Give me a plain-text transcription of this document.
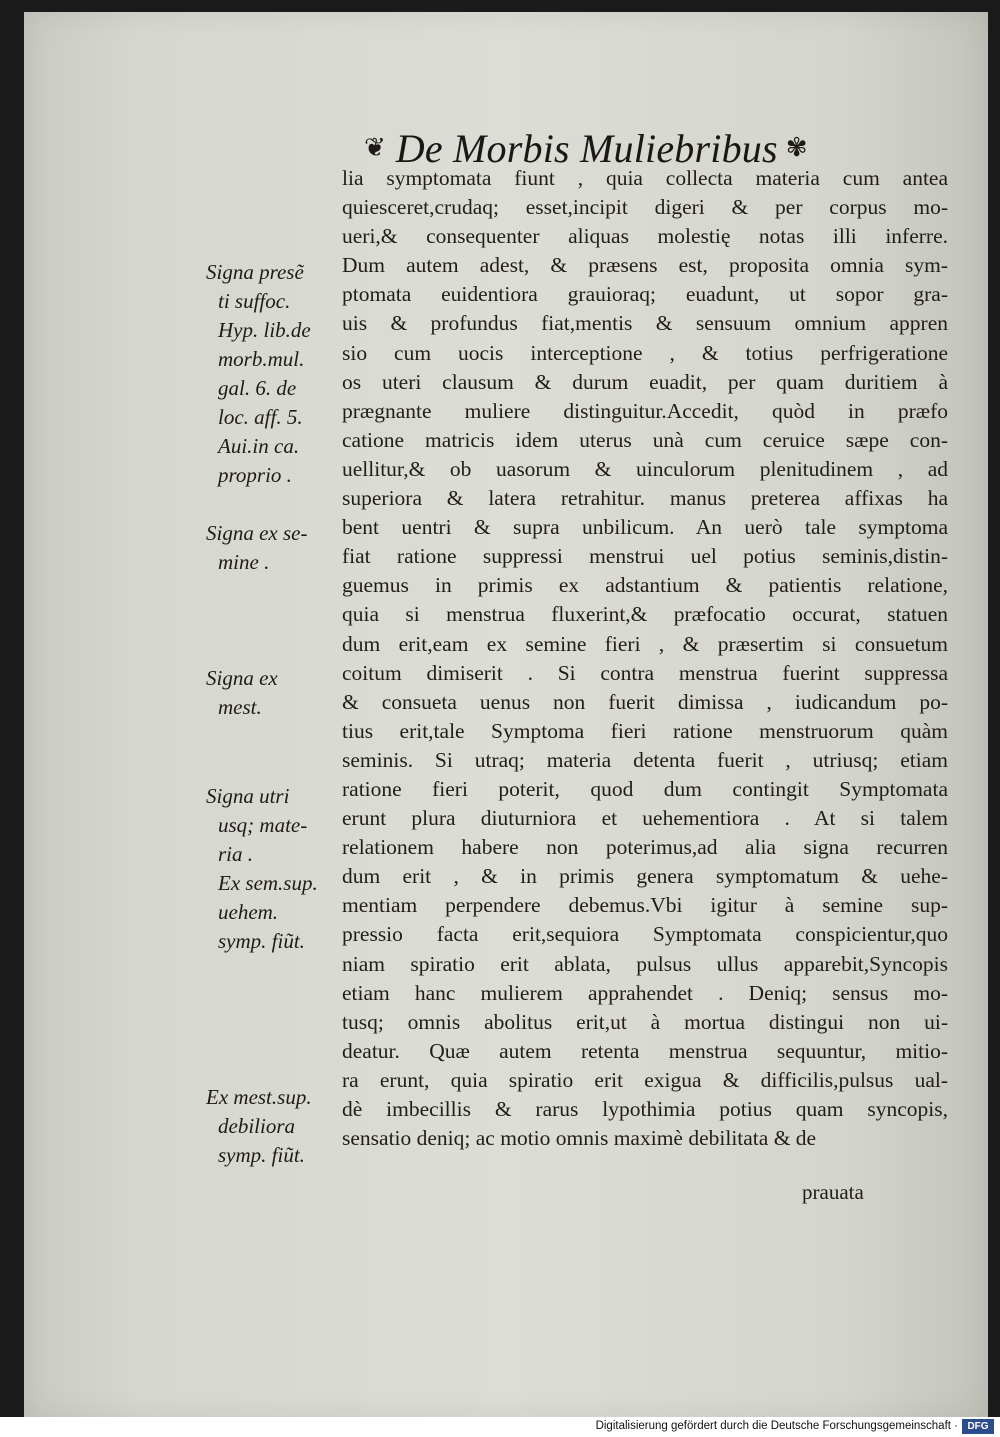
❦ De Morbis Muliebribus ✾
lia symptomata fiunt , quia collecta materia cum antea
quiesceret,crudaq; esset,incipit digeri & per corpus mo-
ueri,& consequenter aliquas molestię notas illi inferre.
Dum autem adest, & præsens est, proposita omnia sym-
ptomata euidentiora grauioraq; euadunt, ut sopor gra-
uis & profundus fiat,mentis & sensuum omnium appren
sio cum uocis interceptione , & totius perfrigeratione
os uteri clausum & durum euadit, per quam duritiem à
prægnante muliere distinguitur.Accedit, quòd in præfo
catione matricis idem uterus unà cum ceruice sæpe con-
uellitur,& ob uasorum & uinculorum plenitudinem , ad
superiora & latera retrahitur. manus preterea affixas ha
bent uentri & supra unbilicum. An uerò tale symptoma
fiat ratione suppressi menstrui uel potius seminis,distin-
guemus in primis ex adstantium & patientis relatione,
quia si menstrua fluxerint,& præfocatio occurat, statuen
dum erit,eam ex semine fieri , & præsertim si consuetum
coitum dimiserit . Si contra menstrua fuerint suppressa
& consueta uenus non fuerit dimissa , iudicandum po-
tius erit,tale Symptoma fieri ratione menstruorum quàm
seminis. Si utraq; materia detenta fuerit , utriusq; etiam
ratione fieri poterit, quod dum contingit Symptomata
erunt plura diuturniora et uehementiora . At si talem
relationem habere non poterimus,ad alia signa recurren
dum erit , & in primis genera symptomatum & uehe-
mentiam perpendere debemus.Vbi igitur à semine sup-
pressio facta erit,sequiora Symptomata conspicientur,quo
niam spiratio erit ablata, pulsus ullus apparebit,Syncopis
etiam hanc mulierem apprahendet . Deniq; sensus mo-
tusq; omnis abolitus erit,ut à mortua distingui non ui-
deatur. Quæ autem retenta menstrua sequuntur, mitio-
ra erunt, quia spiratio erit exigua & difficilis,pulsus ual-
dè imbecillis & rarus lypothimia potius quam syncopis,
sensatio deniq; ac motio omnis maximè debilitata & de
prauata
Digitalisierung gefördert durch die Deutsche Forschungsgemeinschaft · DFG
Signa presẽ
ti suffoc.
Hyp. lib.de
morb.mul.
gal. 6. de
loc. aff. 5.
Aui.in ca.
proprio .
Signa ex se-
mine .
Signa ex
mest.
Signa utri
usq; mate-
ria .
Ex sem.sup.
uehem.
symp. fiũt.
Ex mest.sup.
debiliora
symp. fiũt.
